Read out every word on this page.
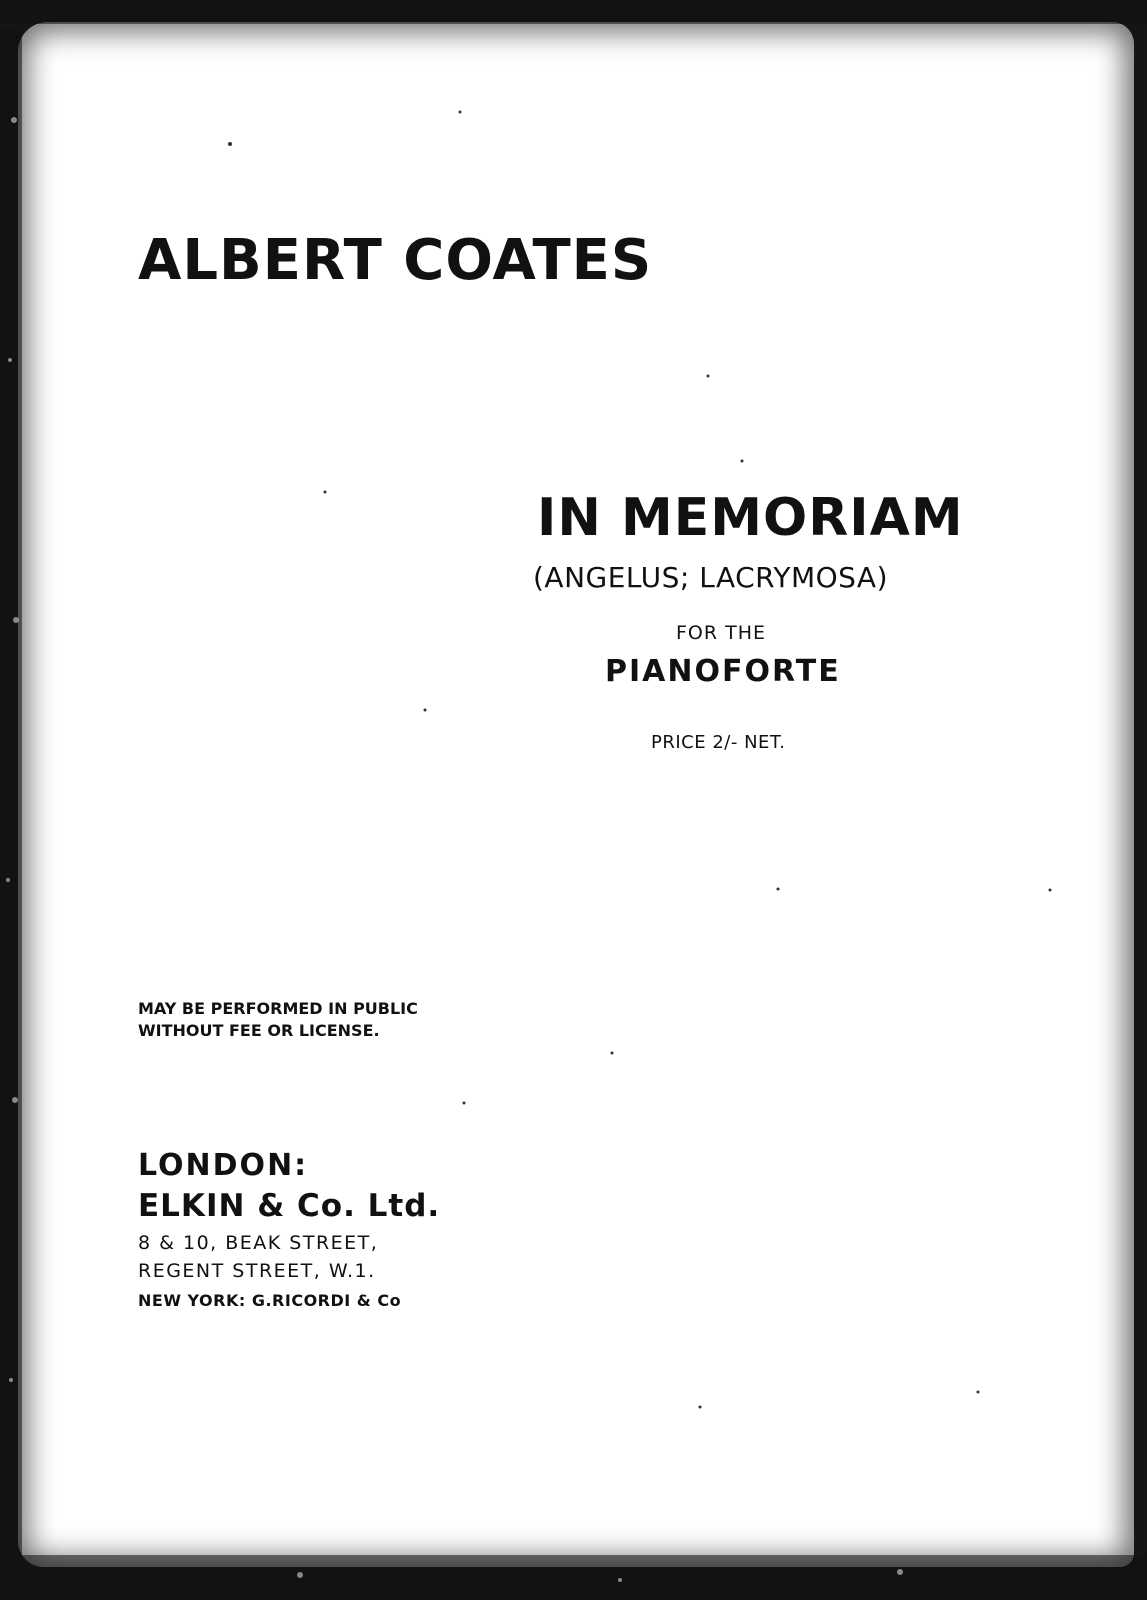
ALBERT COATES
IN MEMORIAM
(ANGELUS; LACRYMOSA)
FOR THE
PIANOFORTE
PRICE 2/- NET.
MAY BE PERFORMED IN PUBLIC
WITHOUT FEE OR LICENSE.
LONDON:
ELKIN & Co. Ltd.
8 & 10, BEAK STREET,
REGENT STREET, W.1.
NEW YORK: G.RICORDI & Co
